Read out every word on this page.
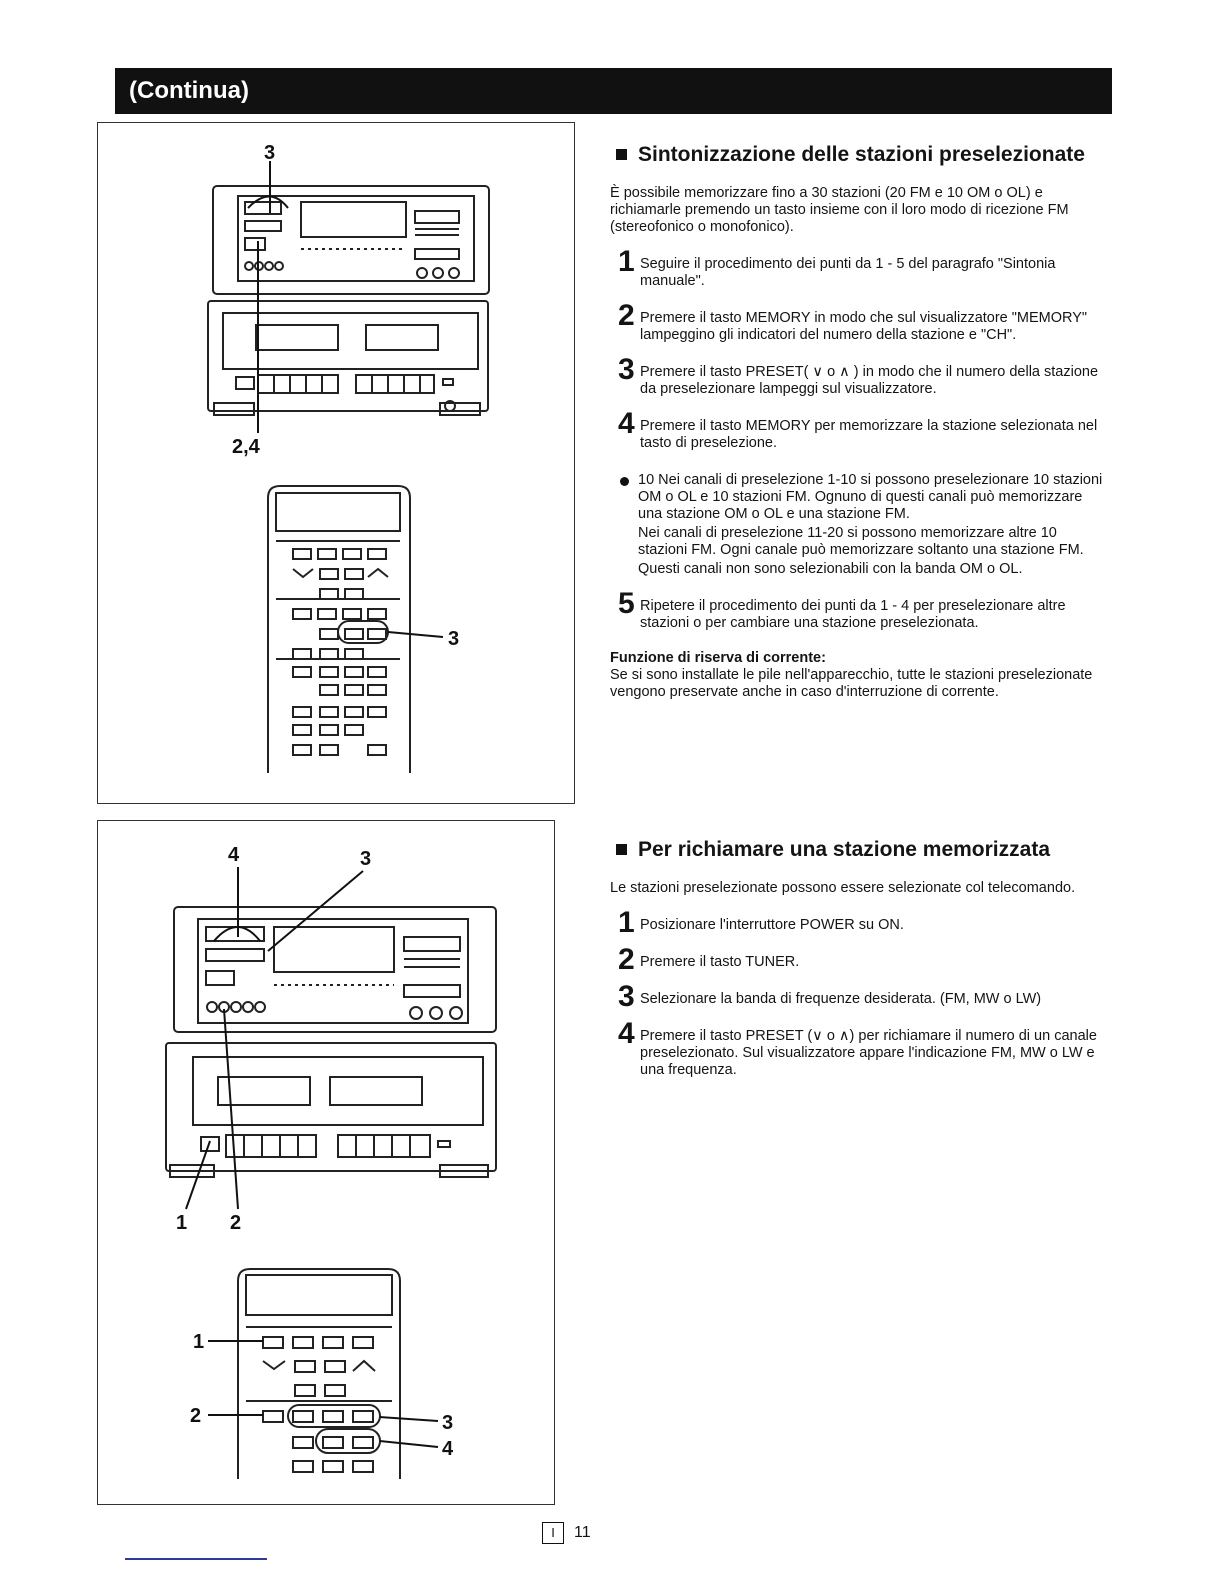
(Continua)
3
2,4
3
4	3
1 2
1
2	3
4
Sintonizzazione delle stazioni preselezionate

È possibile memorizzare fino a 30 stazioni (20 FM e 10 OM o OL) e richiamarle premendo un tasto insieme con il loro modo di ricezione FM (stereofonico o monofonico).

1 Seguire il procedimento dei punti da 1 - 5 del paragrafo "Sintonia manuale".

2 Premere il tasto MEMORY in modo che sul visualizzatore "MEMORY" lampeggino gli indicatori del numero della stazione e "CH".

3 Premere il tasto PRESET( ∨ o ∧ ) in modo che il numero della stazione da preselezionare lampeggi sul visualizzatore.

4 Premere il tasto MEMORY per memorizzare la stazione selezionata nel tasto di preselezione.

10 Nei canali di preselezione 1-10 si possono preselezionare 10 stazioni OM o OL e 10 stazioni FM. Ognuno di questi canali può memorizzare una stazione OM o OL e una stazione FM.

Nei canali di preselezione 11-20 si possono memorizzare altre 10 stazioni FM. Ogni canale può memorizzare soltanto una stazione FM.

Questi canali non sono selezionabili con la banda OM o OL.

5 Ripetere il procedimento dei punti da 1 - 4 per preselezionare altre stazioni o per cambiare una stazione preselezionata.

Funzione di riserva di corrente:

Se si sono installate le pile nell'apparecchio, tutte le stazioni preselezionate vengono preservate anche in caso d'interruzione di corrente.

Per richiamare una stazione memorizzata

Le stazioni preselezionate possono essere selezionate col telecomando.

1 Posizionare l'interruttore POWER su ON.

2 Premere il tasto TUNER.

3 Selezionare la banda di frequenze desiderata. (FM, MW o LW)

4 Premere il tasto PRESET (∨ o ∧) per richiamare il numero di un canale preselezionato. Sul visualizzatore appare l'indicazione FM, MW o LW e una frequenza.

I	11
